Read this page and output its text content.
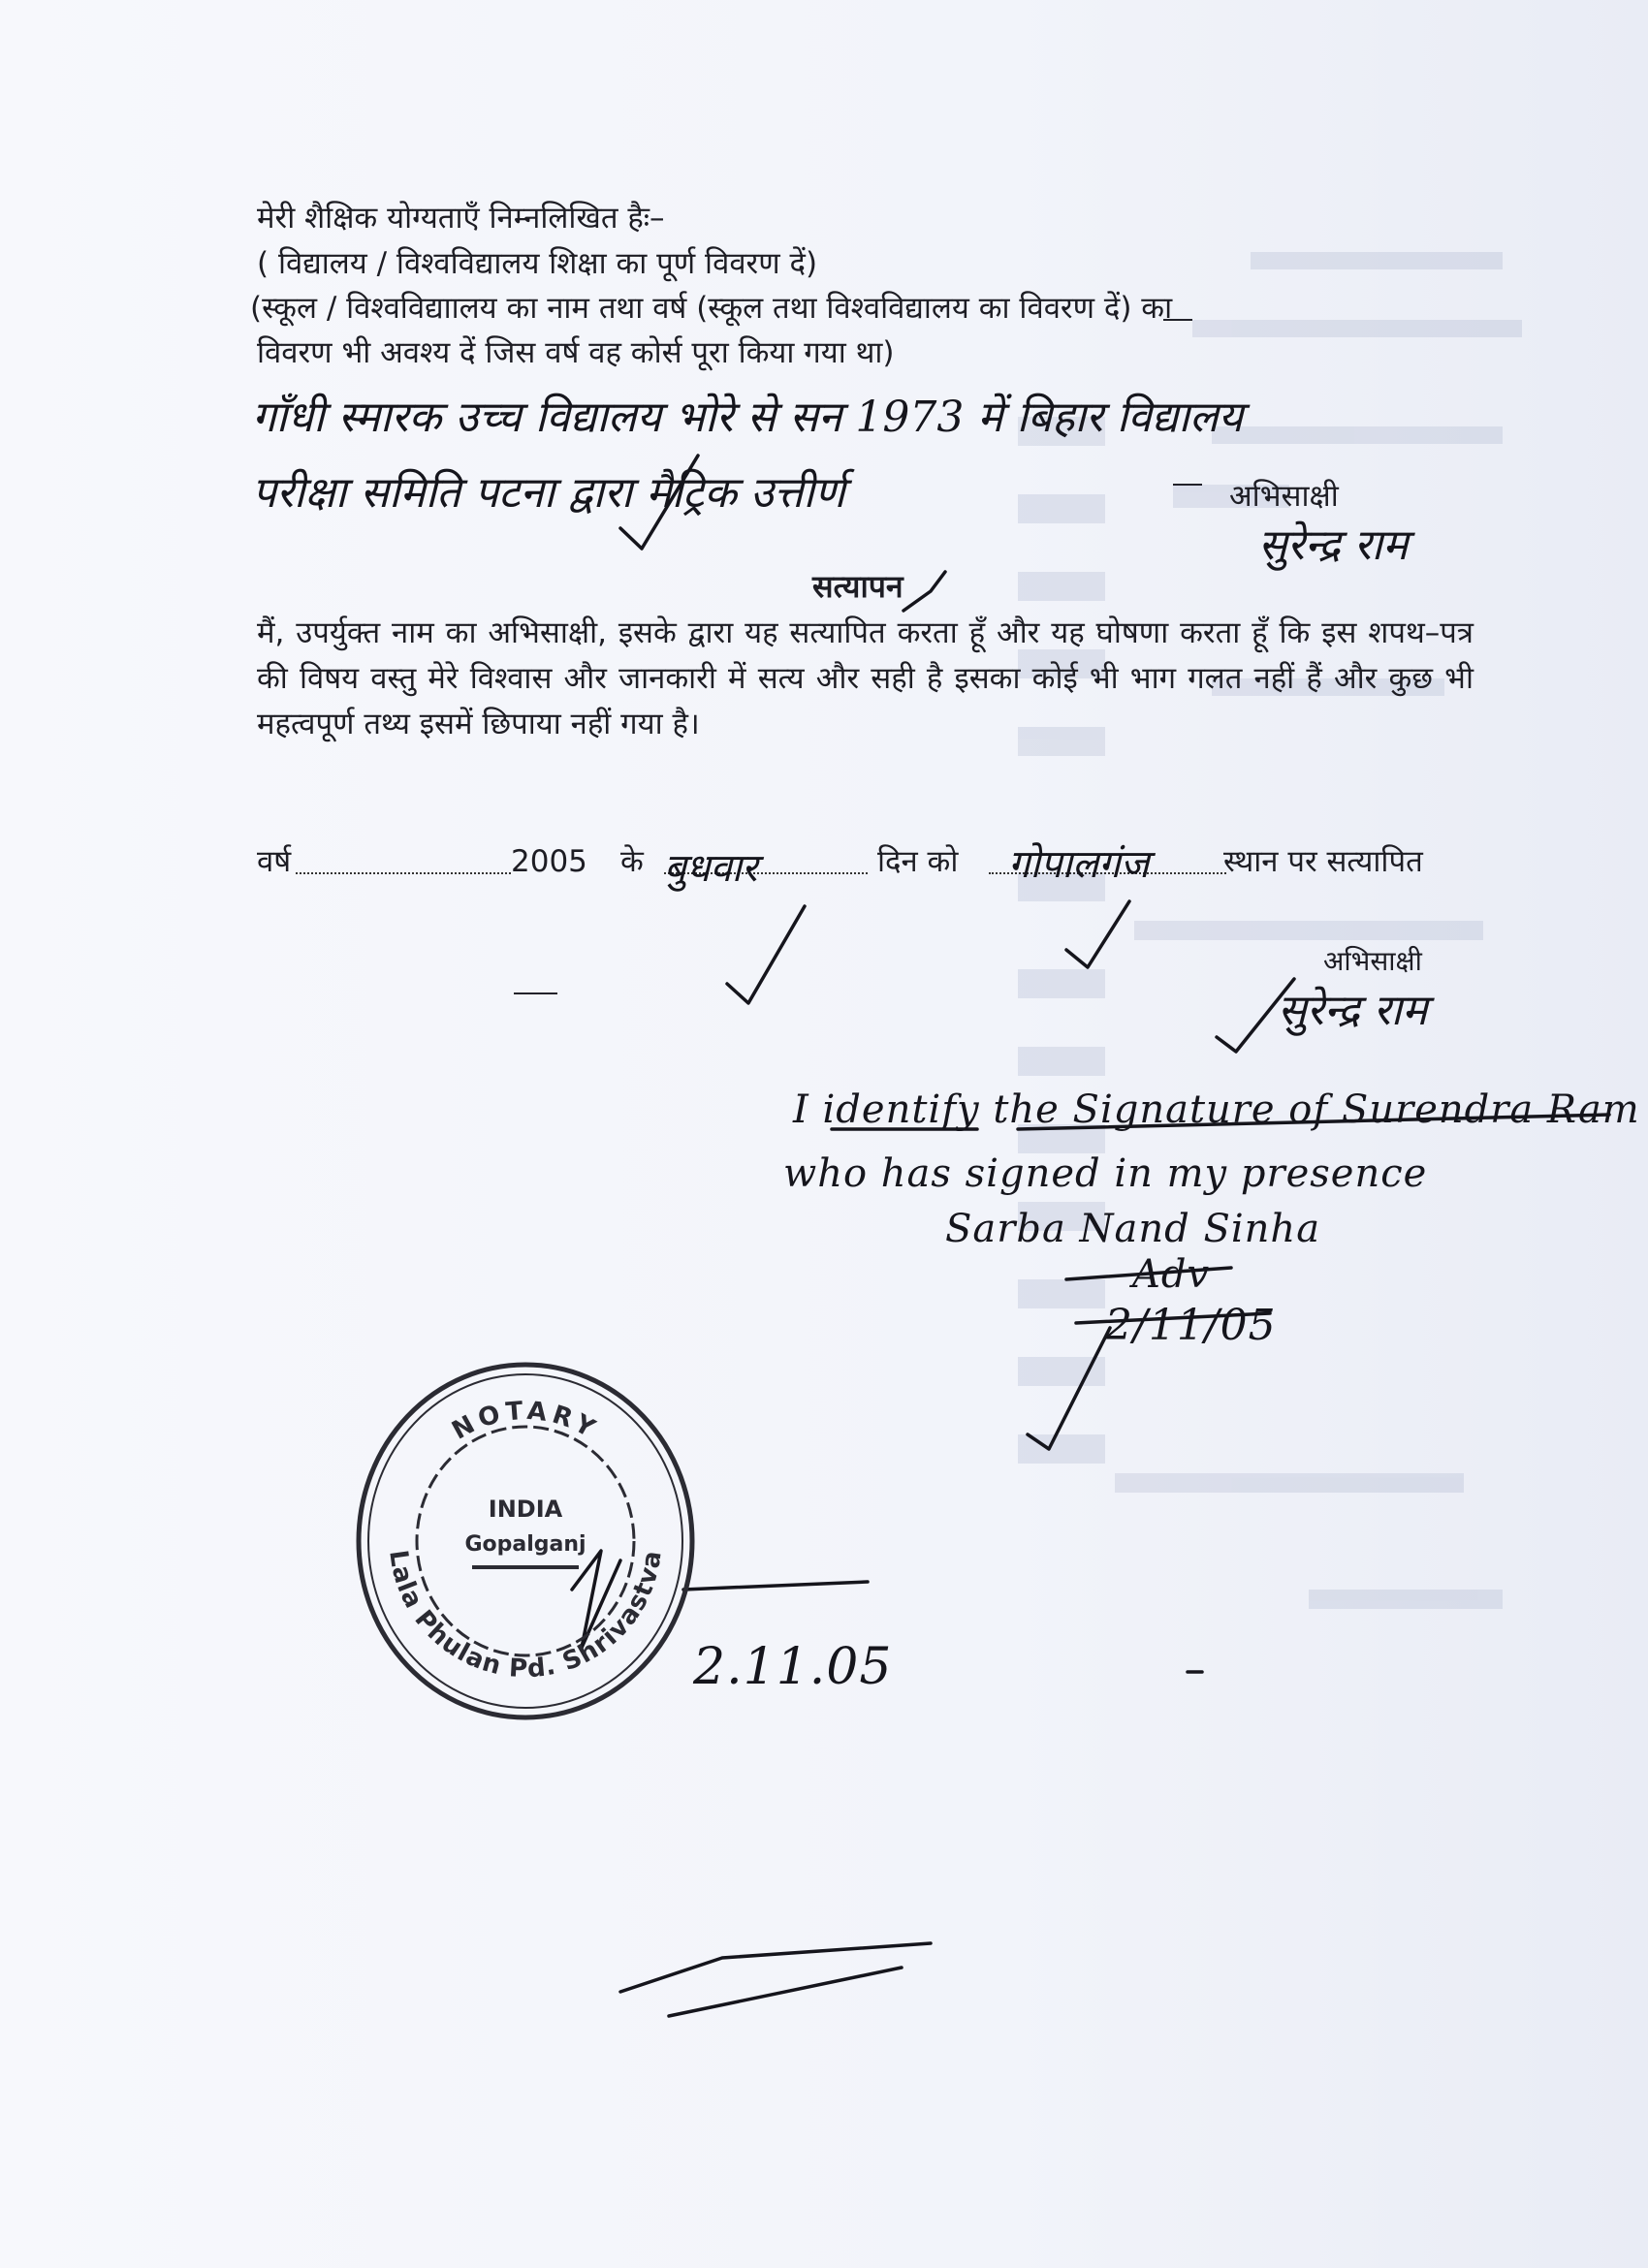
मेरी शैक्षिक योग्यताएँ निम्नलिखित हैः–
( विद्यालय / विश्वविद्यालय शिक्षा का पूर्ण विवरण दें)
(स्कूल / विश्वविद्याालय का नाम तथा वर्ष (स्कूल तथा विश्वविद्यालय का विवरण दें) का
विवरण भी अवश्य दें जिस वर्ष वह कोर्स पूरा किया गया था)
गाँधी स्मारक उच्च विद्यालय भोरे से सन 1973 में बिहार विद्यालय
परीक्षा समिति पटना द्वारा मैट्रिक उत्तीर्ण	अभिसाक्षी
सुरेन्द्र राम
सत्यापन
मैं, उपर्युक्त नाम का अभिसाक्षी, इसके द्वारा यह सत्यापित करता हूँ और यह घोषणा करता हूँ कि इस शपथ–पत्र की विषय वस्तु मेरे विश्वास और जानकारी में सत्य और सही है इसका कोई भी भाग गलत नहीं हैं और कुछ भी महत्वपूर्ण तथ्य इसमें छिपाया नहीं गया है।
वर्ष	2005 के बुधवार	दिन को गोपालगंज स्थान पर सत्यापित
अभिसाक्षी
सुरेन्द्र राम
I identify the Signature of Surendra Ram
who has signed in my presence
Sarba Nand Sinha
Adv
2/11/05
NOTARY
Lala Phulan Pd. Shrivastva
INDIA
Gopalganj
2.11.05
